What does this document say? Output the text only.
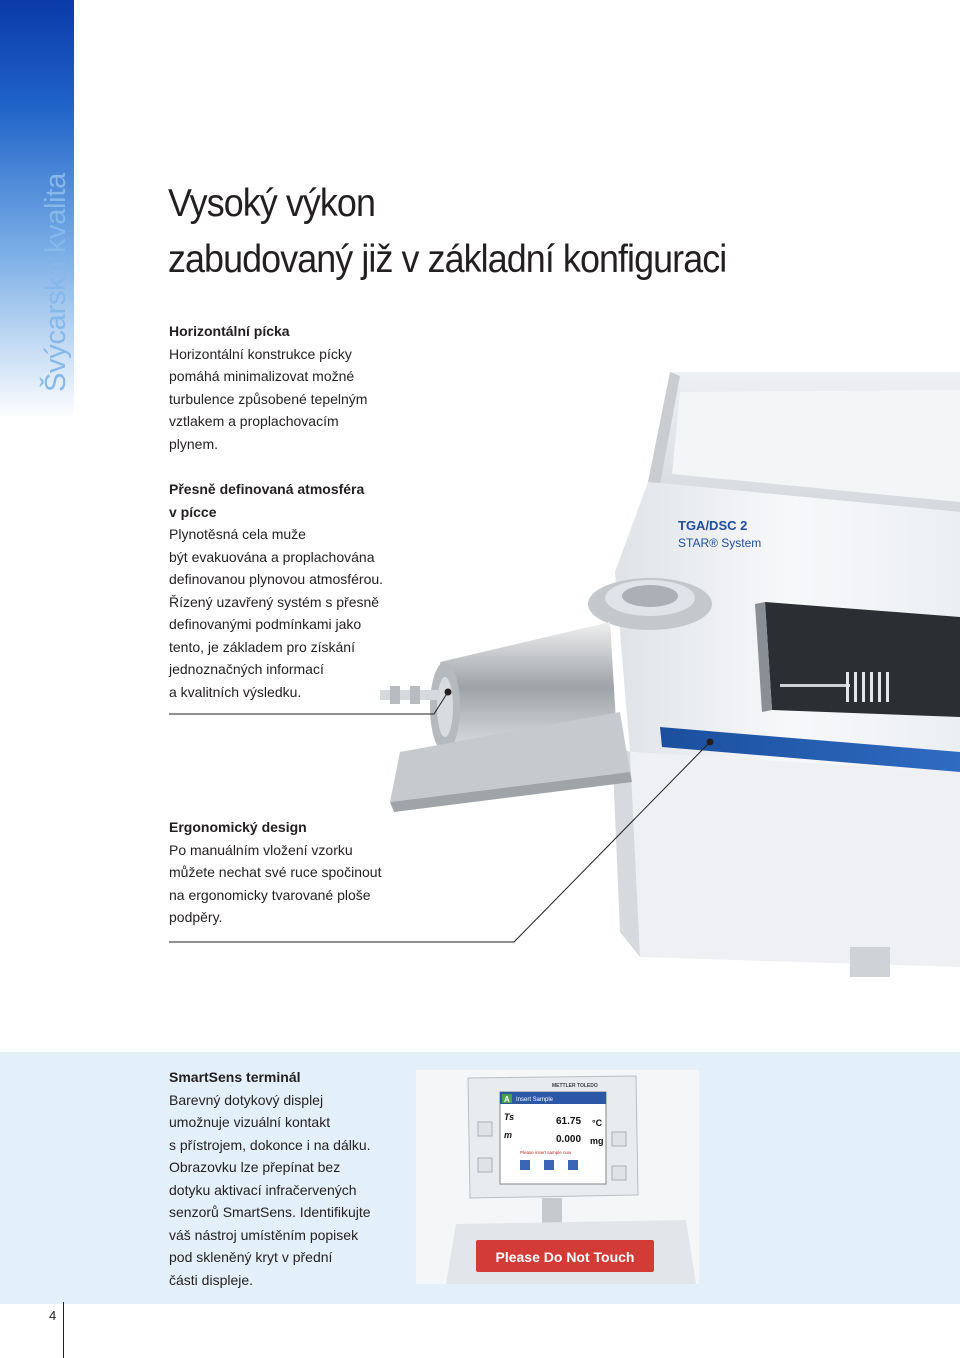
Švýcarská kvalita Vysoký výkon
zabudovaný již v základní konfiguraci
Horizontální pícka
Horizontální konstrukce pícky
pomáhá minimalizovat možné
turbulence způsobené tepelným
vztlakem a proplachovacím
plynem.
Přesně definovaná atmosféra
v pícce
Plynotěsná cela muže
být evakuována a proplachována
definovanou plynovou atmosférou.
Řízený uzavřený systém s přesně
definovanými podmínkami jako
tento, je základem pro získání
jednoznačných informací
a kvalitních výsledku.
Ergonomický design
Po manuálním vložení vzorku
můžete nechat své ruce spočinout
na ergonomicky tvarované ploše
podpěry.
TGA/DSC 2
STAR® System
SmartSens terminál
Barevný dotykový displej
umožnuje vizuální kontakt
s přístrojem, dokonce i na dálku.
Obrazovku lze přepínat bez
dotyku aktivací infračervených
senzorů SmartSens. Identifikujte
váš nástroj umístěním popisek
pod skleněný kryt v přední
části displeje.
A Insert Sample
METTLER TOLEDO
Ts	61.75 °C
m	0.000 mg
Please insert sample now
Please Do Not Touch
4
